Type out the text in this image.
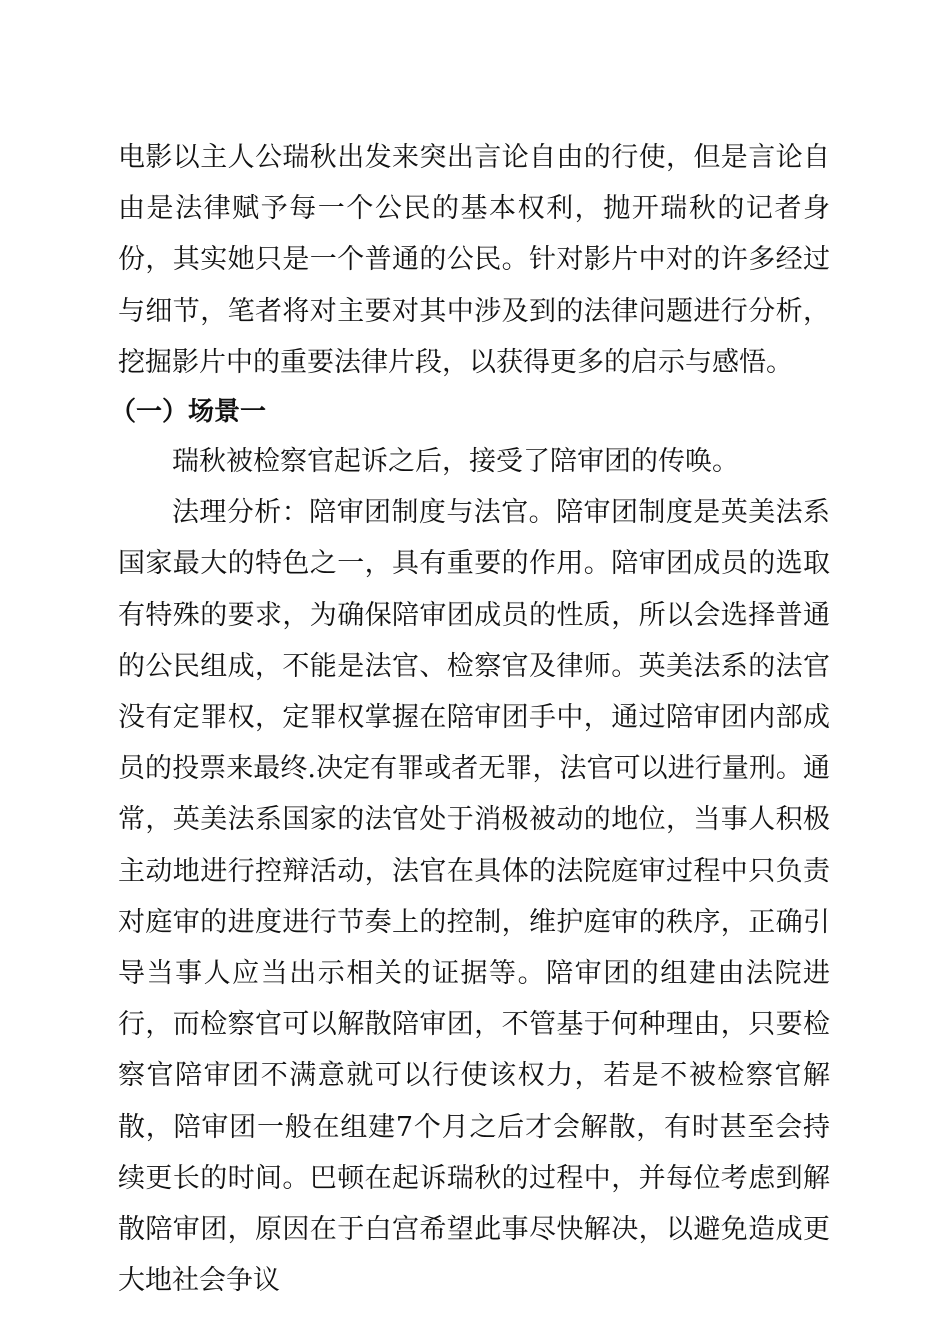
电影以主人公瑞秋出发来突出言论自由的行使，但是言论自由是法律赋予每一个公民的基本权利，抛开瑞秋的记者身份，其实她只是一个普通的公民。针对影片中对的许多经过与细节，笔者将对主要对其中涉及到的法律问题进行分析，挖掘影片中的重要法律片段，以获得更多的启示与感悟。

（一）场景一

瑞秋被检察官起诉之后，接受了陪审团的传唤。

法理分析：陪审团制度与法官。陪审团制度是英美法系国家最大的特色之一，具有重要的作用。陪审团成员的选取有特殊的要求，为确保陪审团成员的性质，所以会选择普通的公民组成，不能是法官、检察官及律师。英美法系的法官没有定罪权，定罪权掌握在陪审团手中，通过陪审团内部成员的投票来最终.决定有罪或者无罪，法官可以进行量刑。通常，英美法系国家的法官处于消极被动的地位，当事人积极主动地进行控辩活动，法官在具体的法院庭审过程中只负责对庭审的进度进行节奏上的控制，维护庭审的秩序，正确引导当事人应当出示相关的证据等。陪审团的组建由法院进行，而检察官可以解散陪审团，不管基于何种理由，只要检察官陪审团不满意就可以行使该权力，若是不被检察官解散，陪审团一般在组建7个月之后才会解散，有时甚至会持续更长的时间。巴顿在起诉瑞秋的过程中，并每位考虑到解散陪审团，原因在于白宫希望此事尽快解决，以避免造成更大地社会争议
